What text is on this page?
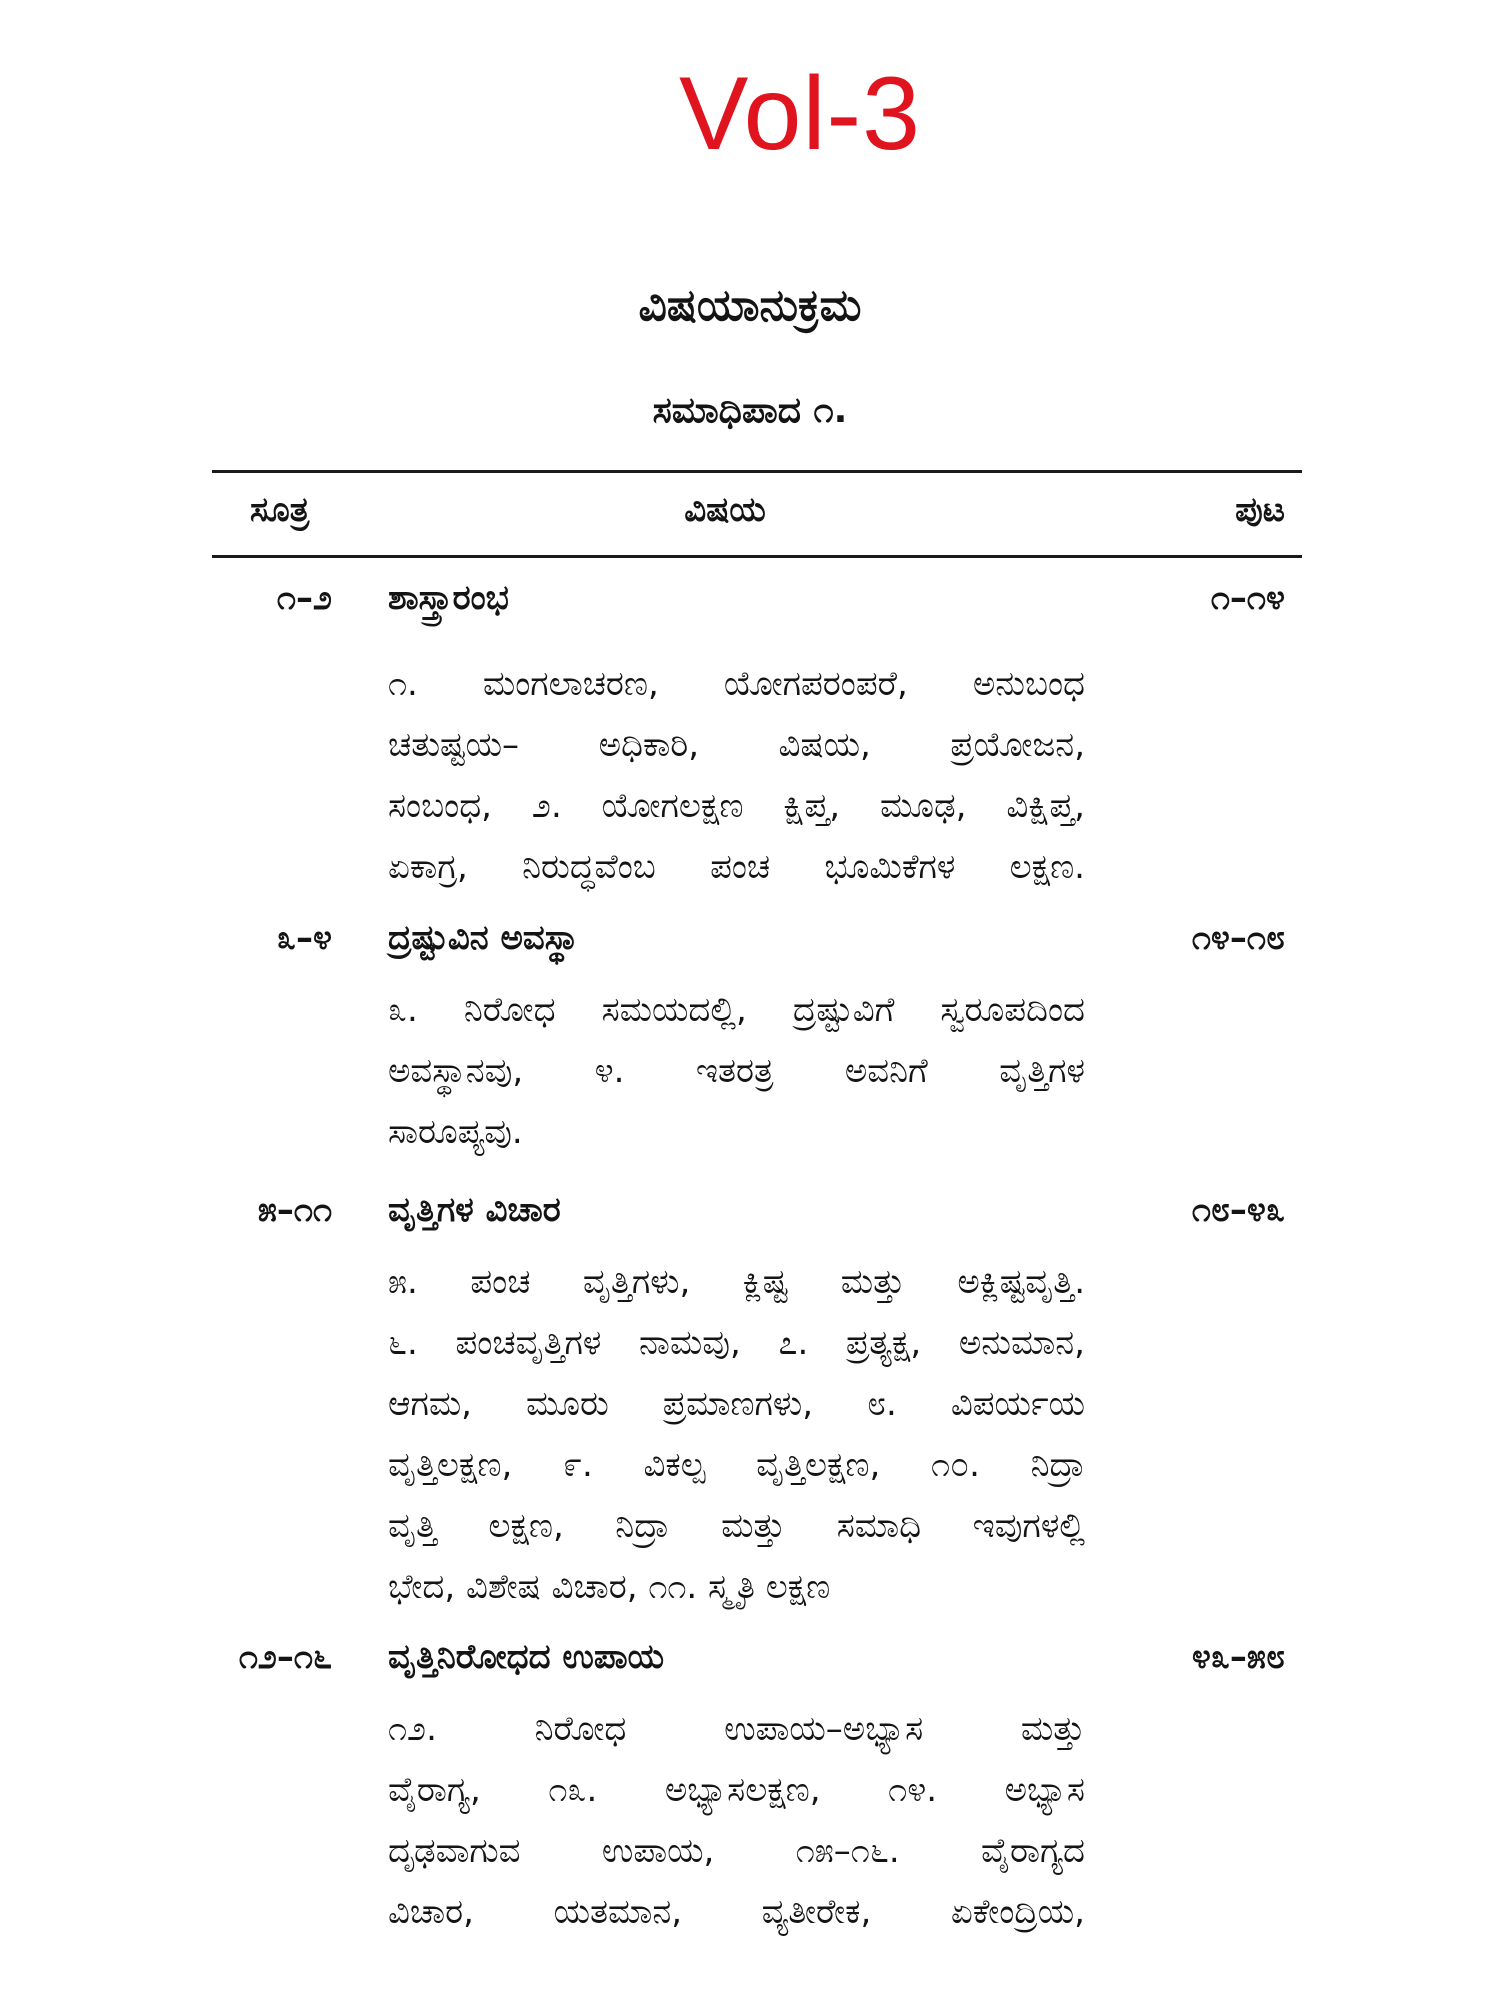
Vol-3
ವಿಷಯಾನುಕ್ರಮ
ಸಮಾಧಿಪಾದ ೧.
ಸೂತ್ರ	ವಿಷಯ	ಪುಟ
೧–೨ ಶಾಸ್ತ್ರಾರಂಭ	೧–೧೪
೧. ಮಂಗಲಾಚರಣ, ಯೋಗಪರಂಪರೆ, ಅನುಬಂಧ
ಚತುಷ್ಟಯ– ಅಧಿಕಾರಿ, ವಿಷಯ, ಪ್ರಯೋಜನ,
ಸಂಬಂಧ, ೨. ಯೋಗಲಕ್ಷಣ ಕ್ಷಿಪ್ತ, ಮೂಢ, ವಿಕ್ಷಿಪ್ತ,
ಏಕಾಗ್ರ, ನಿರುದ್ಧವೆಂಬ ಪಂಚ ಭೂಮಿಕೆಗಳ ಲಕ್ಷಣ.
೩–೪ ದ್ರಷ್ಟುವಿನ ಅವಸ್ಥಾ	೧೪–೧೮
೩. ನಿರೋಧ ಸಮಯದಲ್ಲಿ, ದ್ರಷ್ಟುವಿಗೆ ಸ್ವರೂಪದಿಂದ
ಅವಸ್ಥಾನವು, ೪. ಇತರತ್ರ ಅವನಿಗೆ ವೃತ್ತಿಗಳ
ಸಾರೂಪ್ಯವು.
೫–೧೧ ವೃತ್ತಿಗಳ ವಿಚಾರ	೧೮–೪೩
೫. ಪಂಚ ವೃತ್ತಿಗಳು, ಕ್ಲಿಷ್ಟ ಮತ್ತು ಅಕ್ಲಿಷ್ಟವೃತ್ತಿ.
೬. ಪಂಚವೃತ್ತಿಗಳ ನಾಮವು, ೭. ಪ್ರತ್ಯಕ್ಷ, ಅನುಮಾನ,
ಆಗಮ, ಮೂರು ಪ್ರಮಾಣಗಳು, ೮. ವಿಪರ್ಯಯ
ವೃತ್ತಿಲಕ್ಷಣ, ೯. ವಿಕಲ್ಪ ವೃತ್ತಿಲಕ್ಷಣ, ೧೦. ನಿದ್ರಾ
ವೃತ್ತಿ ಲಕ್ಷಣ, ನಿದ್ರಾ ಮತ್ತು ಸಮಾಧಿ ಇವುಗಳಲ್ಲಿ
ಭೇದ, ವಿಶೇಷ ವಿಚಾರ, ೧೧. ಸ್ಮೃತಿ ಲಕ್ಷಣ
೧೨–೧೬ ವೃತ್ತಿನಿರೋಧದ ಉಪಾಯ	೪೩–೫೮
೧೨. ನಿರೋಧ ಉಪಾಯ–ಅಭ್ಯಾಸ ಮತ್ತು
ವೈರಾಗ್ಯ, ೧೩. ಅಭ್ಯಾಸಲಕ್ಷಣ, ೧೪. ಅಭ್ಯಾಸ
ದೃಢವಾಗುವ ಉಪಾಯ, ೧೫–೧೬. ವೈರಾಗ್ಯದ
ವಿಚಾರ, ಯತಮಾನ, ವ್ಯತೀರೇಕ, ಏಕೇಂದ್ರಿಯ,
